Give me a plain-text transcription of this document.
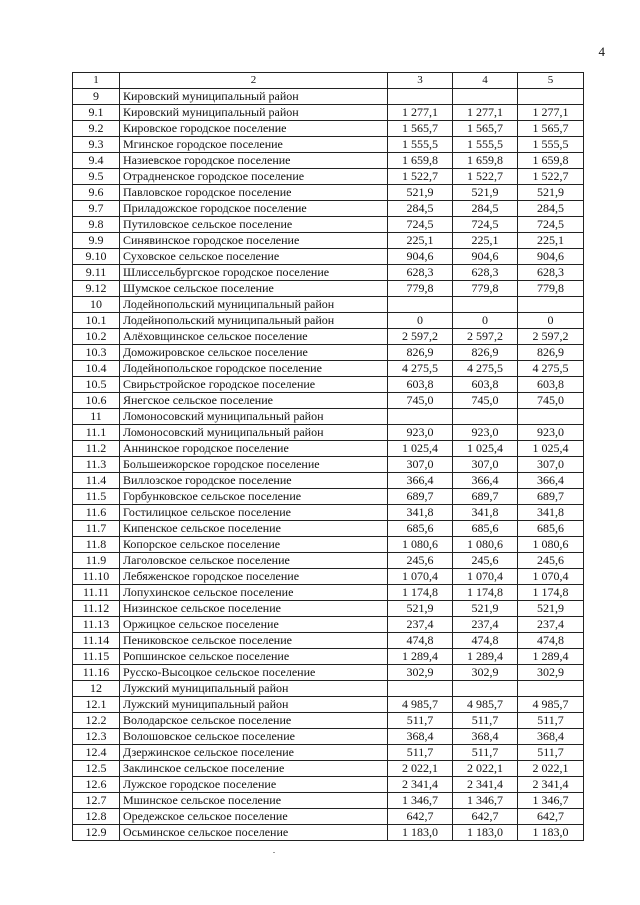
4
1	2	3	4	5
9	Кировский муниципальный район			
9.1	Кировский муниципальный район	1 277,1	1 277,1	1 277,1
9.2	Кировское городское поселение	1 565,7	1 565,7	1 565,7
9.3	Мгинское городское поселение	1 555,5	1 555,5	1 555,5
9.4	Назиевское городское поселение	1 659,8	1 659,8	1 659,8
9.5	Отрадненское городское поселение	1 522,7	1 522,7	1 522,7
9.6	Павловское городское поселение	521,9	521,9	521,9
9.7	Приладожское городское поселение	284,5	284,5	284,5
9.8	Путиловское сельское поселение	724,5	724,5	724,5
9.9	Синявинское городское поселение	225,1	225,1	225,1
9.10	Суховское сельское поселение	904,6	904,6	904,6
9.11	Шлиссельбургское городское поселение	628,3	628,3	628,3
9.12	Шумское сельское поселение	779,8	779,8	779,8
10	Лодейнопольский муниципальный район			
10.1	Лодейнопольский муниципальный район	0	0	0
10.2	Алёховщинское сельское поселение	2 597,2	2 597,2	2 597,2
10.3	Доможировское сельское поселение	826,9	826,9	826,9
10.4	Лодейнопольское городское поселение	4 275,5	4 275,5	4 275,5
10.5	Свирьстройское городское поселение	603,8	603,8	603,8
10.6	Янегское сельское поселение	745,0	745,0	745,0
11	Ломоносовский муниципальный район			
11.1	Ломоносовский муниципальный район	923,0	923,0	923,0
11.2	Аннинское городское поселение	1 025,4	1 025,4	1 025,4
11.3	Большеижорское городское поселение	307,0	307,0	307,0
11.4	Виллозское городское поселение	366,4	366,4	366,4
11.5	Горбунковское сельское поселение	689,7	689,7	689,7
11.6	Гостилицкое сельское поселение	341,8	341,8	341,8
11.7	Кипенское сельское поселение	685,6	685,6	685,6
11.8	Копорское сельское поселение	1 080,6	1 080,6	1 080,6
11.9	Лаголовское сельское поселение	245,6	245,6	245,6
11.10	Лебяженское городское поселение	1 070,4	1 070,4	1 070,4
11.11	Лопухинское сельское поселение	1 174,8	1 174,8	1 174,8
11.12	Низинское сельское поселение	521,9	521,9	521,9
11.13	Оржицкое сельское поселение	237,4	237,4	237,4
11.14	Пениковское сельское поселение	474,8	474,8	474,8
11.15	Ропшинское сельское поселение	1 289,4	1 289,4	1 289,4
11.16	Русско-Высоцкое сельское поселение	302,9	302,9	302,9
12	Лужский муниципальный район			
12.1	Лужский муниципальный район	4 985,7	4 985,7	4 985,7
12.2	Володарское сельское поселение	511,7	511,7	511,7
12.3	Волошовское сельское поселение	368,4	368,4	368,4
12.4	Дзержинское сельское поселение	511,7	511,7	511,7
12.5	Заклинское сельское поселение	2 022,1	2 022,1	2 022,1
12.6	Лужское городское поселение	2 341,4	2 341,4	2 341,4
12.7	Мшинское сельское поселение	1 346,7	1 346,7	1 346,7
12.8	Оредежское сельское поселение	642,7	642,7	642,7
12.9	Осьминское сельское поселение	1 183,0	1 183,0	1 183,0
